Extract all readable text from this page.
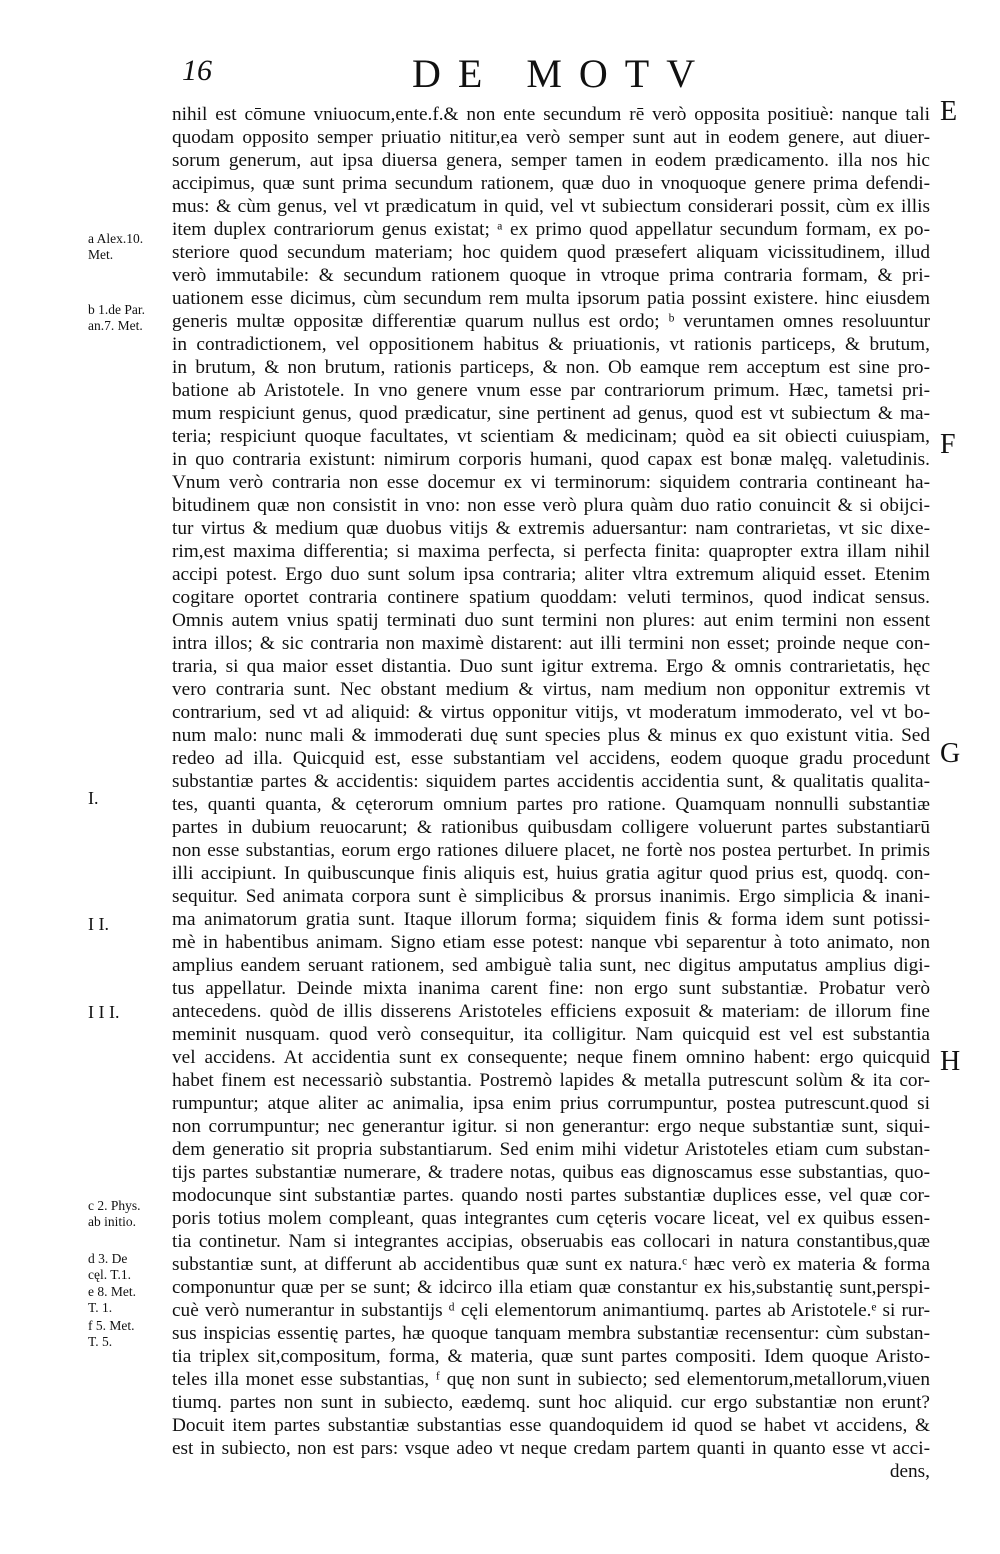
16	DE MOTV

nihil est cōmune vniuocum,ente.f.& non ente secundum rē verò opposita positiuè: nanque tali

quodam opposito semper priuatio nititur,ea verò semper sunt aut in eodem genere, aut diuer-

sorum generum, aut ipsa diuersa genera, semper tamen in eodem prædicamento. illa nos hic

accipimus, quæ sunt prima secundum rationem, quæ duo in vnoquoque genere prima defendi-

mus: & cùm genus, vel vt prædicatum in quid, vel vt subiectum considerari possit, cùm ex illis

item duplex contrariorum genus existat; ᵃ ex primo quod appellatur secundum formam, ex po-

steriore quod secundum materiam; hoc quidem quod præsefert aliquam vicissitudinem, illud

verò immutabile: & secundum rationem quoque in vtroque prima contraria formam, & pri-

uationem esse dicimus, cùm secundum rem multa ipsorum patia possint existere. hinc eiusdem

generis multæ oppositæ differentiæ quarum nullus est ordo; ᵇ veruntamen omnes resoluuntur

in contradictionem, vel oppositionem habitus & priuationis, vt rationis particeps, & brutum,

in brutum, & non brutum, rationis particeps, & non. Ob eamque rem acceptum est sine pro-

batione ab Aristotele. In vno genere vnum esse par contrariorum primum. Hæc, tametsi pri-

mum respiciunt genus, quod prædicatur, sine pertinent ad genus, quod est vt subiectum & ma-

teria; respiciunt quoque facultates, vt scientiam & medicinam; quòd ea sit obiecti cuiuspiam,

in quo contraria existunt: nimirum corporis humani, quod capax est bonæ malęq. valetudinis.

Vnum verò contraria non esse docemur ex vi terminorum: siquidem contraria contineant ha-

bitudinem quæ non consistit in vno: non esse verò plura quàm duo ratio conuincit & si obijci-

tur virtus & medium quæ duobus vitijs & extremis aduersantur: nam contrarietas, vt sic dixe-

rim,est maxima differentia; si maxima perfecta, si perfecta finita: quapropter extra illam nihil

accipi potest. Ergo duo sunt solum ipsa contraria; aliter vltra extremum aliquid esset. Etenim

cogitare oportet contraria continere spatium quoddam: veluti terminos, quod indicat sensus.

Omnis autem vnius spatij terminati duo sunt termini non plures: aut enim termini non essent

intra illos; & sic contraria non maximè distarent: aut illi termini non esset; proinde neque con-

traria, si qua maior esset distantia. Duo sunt igitur extrema. Ergo & omnis contrarietatis, hęc

vero contraria sunt. Nec obstant medium & virtus, nam medium non opponitur extremis vt

contrarium, sed vt ad aliquid: & virtus opponitur vitijs, vt moderatum immoderato, vel vt bo-

num malo: nunc mali & immoderati duę sunt species plus & minus ex quo existunt vitia. Sed

redeo ad illa. Quicquid est, esse substantiam vel accidens, eodem quoque gradu procedunt

substantiæ partes & accidentis: siquidem partes accidentis accidentia sunt, & qualitatis qualita-

tes, quanti quanta, & cęterorum omnium partes pro ratione. Quamquam nonnulli substantiæ

partes in dubium reuocarunt; & rationibus quibusdam colligere voluerunt partes substantiarū

non esse substantias, eorum ergo rationes diluere placet, ne fortè nos postea perturbet. In primis

illi accipiunt. In quibuscunque finis aliquis est, huius gratia agitur quod prius est, quodq. con-

sequitur. Sed animata corpora sunt è simplicibus & prorsus inanimis. Ergo simplicia & inani-

ma animatorum gratia sunt. Itaque illorum forma; siquidem finis & forma idem sunt potissi-

mè in habentibus animam. Signo etiam esse potest: nanque vbi separentur à toto animato, non

amplius eandem seruant rationem, sed ambiguè talia sunt, nec digitus amputatus amplius digi-

tus appellatur. Deinde mixta inanima carent fine: non ergo sunt substantiæ. Probatur verò

antecedens. quòd de illis disserens Aristoteles efficiens exposuit & materiam: de illorum fine

meminit nusquam. quod verò consequitur, ita colligitur. Nam quicquid est vel est substantia

vel accidens. At accidentia sunt ex consequente; neque finem omnino habent: ergo quicquid

habet finem est necessariò substantia. Postremò lapides & metalla putrescunt solùm & ita cor-

rumpuntur; atque aliter ac animalia, ipsa enim prius corrumpuntur, postea putrescunt.quod si

non corrumpuntur; nec generantur igitur. si non generantur: ergo neque substantiæ sunt, siqui-

dem generatio sit propria substantiarum. Sed enim mihi videtur Aristoteles etiam cum substan-

tijs partes substantiæ numerare, & tradere notas, quibus eas dignoscamus esse substantias, quo-

modocunque sint substantiæ partes. quando nosti partes substantiæ duplices esse, vel quæ cor-

poris totius molem compleant, quas integrantes cum cęteris vocare liceat, vel ex quibus essen-

tia continetur. Nam si integrantes accipias, obseruabis eas collocari in natura constantibus,quæ

substantiæ sunt, at differunt ab accidentibus quæ sunt ex natura.ᶜ hæc verò ex materia & forma

componuntur quæ per se sunt; & idcirco illa etiam quæ constantur ex his,substantię sunt,perspi-

cuè verò numerantur in substantijs ᵈ cęli elementorum animantiumq. partes ab Aristotele.ᵉ si rur-

sus inspicias essentię partes, hæ quoque tanquam membra substantiæ recensentur: cùm substan-

tia triplex sit,compositum, forma, & materia, quæ sunt partes compositi. Idem quoque Aristo-

teles illa monet esse substantias, ᶠ quę non sunt in subiecto; sed elementorum,metallorum,viuen

tiumq. partes non sunt in subiecto, eædemq. sunt hoc aliquid. cur ergo substantiæ non erunt?

Docuit item partes substantiæ substantias esse quandoquidem id quod se habet vt accidens, &

est in subiecto, non est pars: vsque adeo vt neque credam partem quanti in quanto esse vt acci-

dens,

a Alex.10.
Met.

b 1.de Par.
an.7. Met.

c 2. Phys.
ab initio.

d 3. De
cęl. T.1.

e 8. Met.
T. 1.

f 5. Met.
T. 5.

I.

I I.

I I I.

E

F

G

H
